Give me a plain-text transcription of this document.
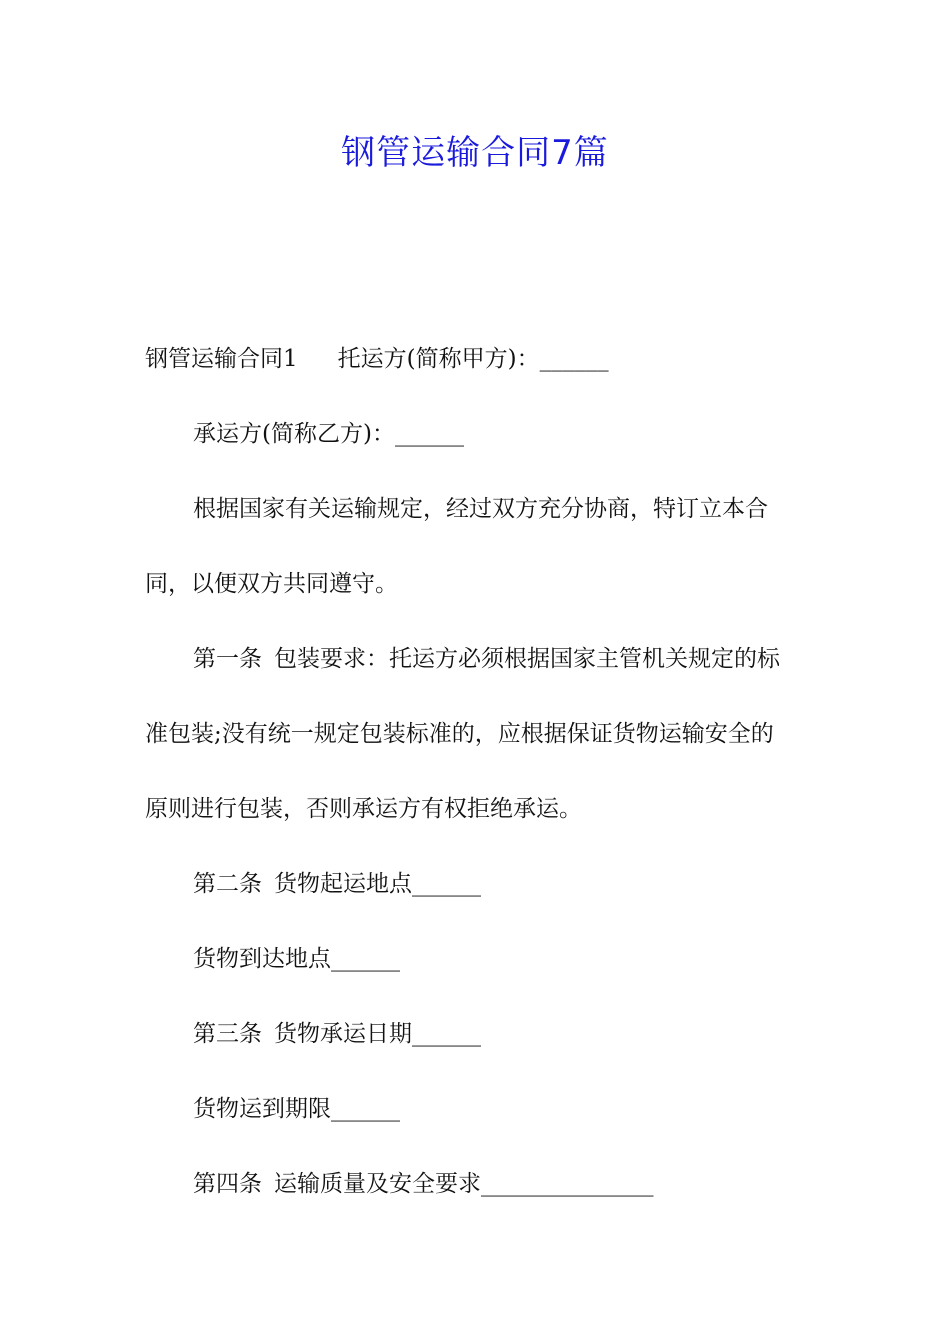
钢管运输合同7篇
钢管运输合同1 托运方(简称甲方)：______
承运方(简称乙方)：______
根据国家有关运输规定，经过双方充分协商，特订立本合
同，以便双方共同遵守。
第一条 包装要求：托运方必须根据国家主管机关规定的标
准包装;没有统一规定包装标准的，应根据保证货物运输安全的
原则进行包装，否则承运方有权拒绝承运。
第二条 货物起运地点______
货物到达地点______
第三条 货物承运日期______
货物运到期限______
第四条 运输质量及安全要求_______________
